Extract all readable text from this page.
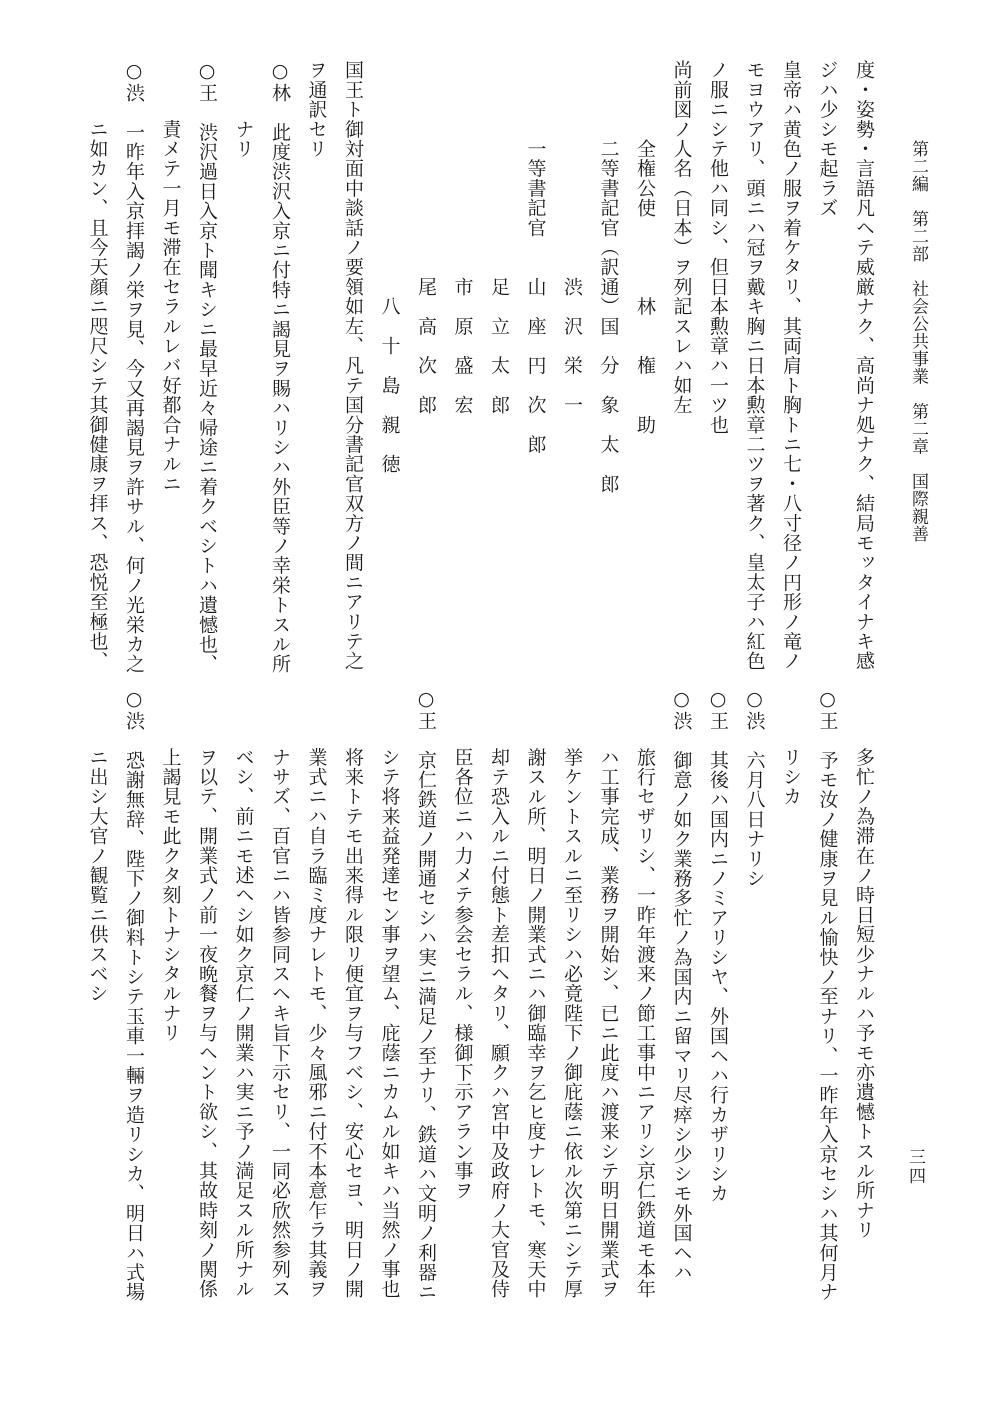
第二編　第二部　社会公共事業　第二章　国際親善
三四
度・姿勢・言語凡ヘテ威厳ナク、高尚ナ処ナク、結局モッタイナキ感
ジハ少シモ起ラズ
皇帝ハ黄色ノ服ヲ着ケタリ、其両肩ト胸トニ七・八寸径ノ円形ノ竜ノ
モヨウアリ、頭ニハ冠ヲ戴キ胸ニ日本勲章二ツヲ著ク、皇太子ハ紅色
ノ服ニシテ他ハ同シ、但日本勲章ハ一ツ也
尚前図ノ人名（日本）ヲ列記スレハ如左
　　　　全権公使　　　　林　　権　　助
　　　　二等書記官（訳通）国　分　象　太　郎
　　　　　　　　　　　渋　沢　栄　一
　　　　一等書記官　　山　座　円　次　郎
　　　　　　　　　　　足　立　太　郎
　　　　　　　　　　　市　原　盛　宏
　　　　　　　　　　　尾　高　次　郎
　　　　　　　　　　　　八　十　島　親　徳
国王ト御対面中談話ノ要領如左、凡テ国分書記官双方ノ間ニアリテ之
ヲ通訳セリ
○林　此度渋沢入京ニ付特ニ謁見ヲ賜ハリシハ外臣等ノ幸栄トスル所
　　　ナリ
○王　渋沢過日入京ト聞キシニ最早近々帰途ニ着クベシトハ遺憾也、
　　　責メテ一月モ滞在セラルレバ好都合ナルニ
○渋　一昨年入京拝謁ノ栄ヲ見、今又再謁見ヲ許サル、何ノ光栄カ之
　　　ニ如カン、且今天顔ニ咫尺シテ其御健康ヲ拝ス、恐悦至極也、
　　　多忙ノ為滞在ノ時日短少ナルハ予モ亦遺憾トスル所ナリ
○王　予モ汝ノ健康ヲ見ル愉快ノ至ナリ、一昨年入京セシハ其何月ナ
　　　リシカ
○渋　六月八日ナリシ
○王　其後ハ国内ニノミアリシヤ、外国ヘハ行カザリシカ
○渋　御意ノ如ク業務多忙ノ為国内ニ留マリ尽瘁シ少シモ外国ヘハ
　　　旅行セザリシ、一昨年渡来ノ節工事中ニアリシ京仁鉄道モ本年
　　　ハ工事完成、業務ヲ開始シ、已ニ此度ハ渡来シテ明日開業式ヲ
　　　挙ケントスルニ至リシハ必竟陛下ノ御庇蔭ニ依ル次第ニシテ厚
　　　謝スル所、明日ノ開業式ニハ御臨幸ヲ乞ヒ度ナレトモ、寒天中
　　　却テ恐入ルニ付態ト差扣ヘタリ、願クハ宮中及政府ノ大官及侍
　　　臣各位ニハ力メテ参会セラル、様御下示アラン事ヲ
○王　京仁鉄道ノ開通セシハ実ニ満足ノ至ナリ、鉄道ハ文明ノ利器ニ
　　　シテ将来益発達セン事ヲ望ム、庇蔭ニカムル如キハ当然ノ事也
　　　将来トテモ出来得ル限リ便宜ヲ与フベシ、安心セヨ、明日ノ開
　　　業式ニハ自ラ臨ミ度ナレトモ、少々風邪ニ付不本意乍ラ其義ヲ
　　　ナサズ、百官ニハ皆参同スヘキ旨下示セリ、一同必欣然参列ス
　　　ベシ、前ニモ述ヘシ如ク京仁ノ開業ハ実ニ予ノ満足スル所ナル
　　　ヲ以テ、開業式ノ前一夜晩餐ヲ与ヘント欲シ、其故時刻ノ関係
　　　上謁見モ此クタ刻トナシタルナリ
○渋　恐謝無辞、陛下ノ御料トシテ玉車一輛ヲ造リシカ、明日ハ式場
　　　ニ出シ大官ノ観覧ニ供スベシ
